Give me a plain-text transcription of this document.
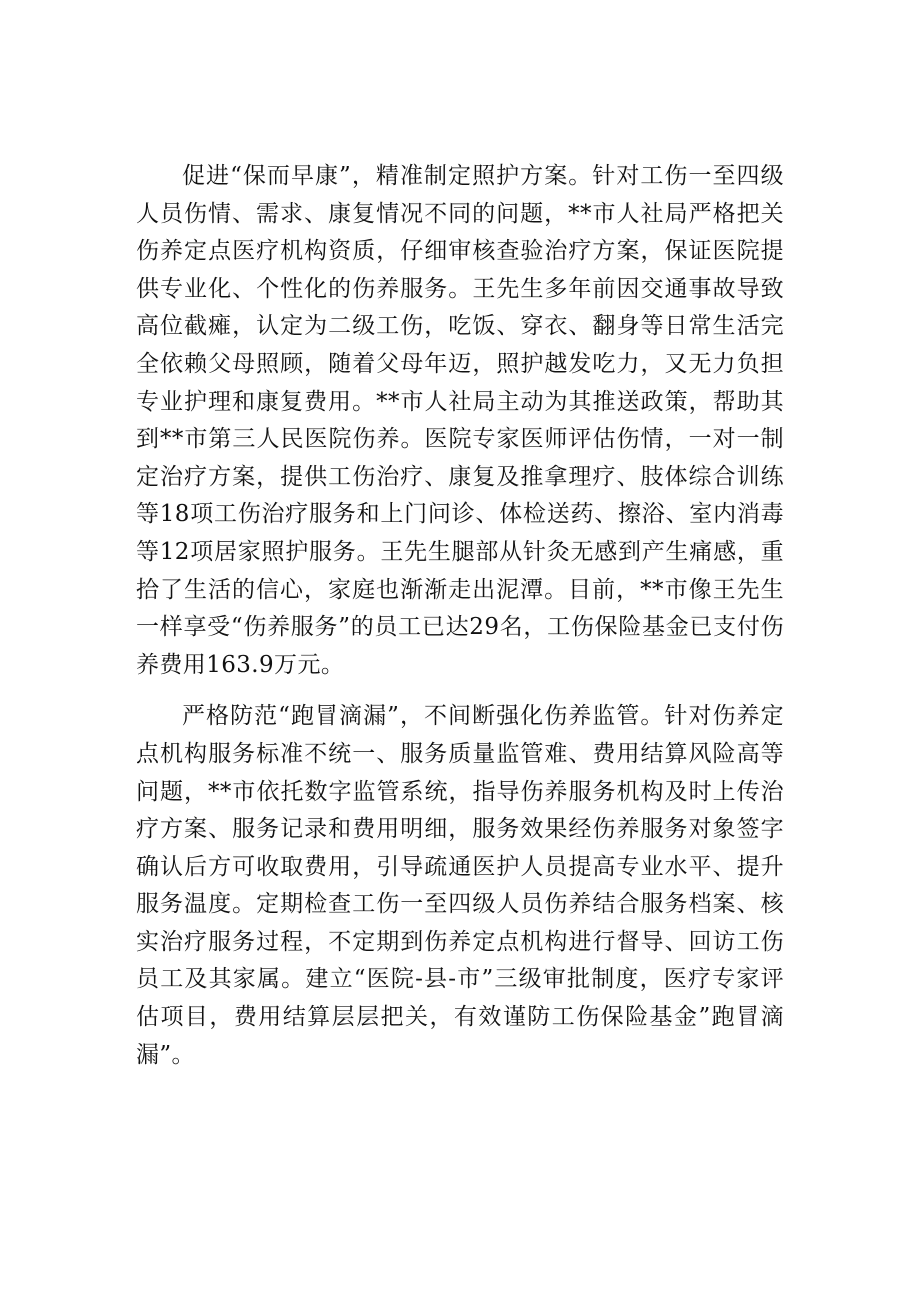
促进“保而早康”，精准制定照护方案。针对工伤一至四级人员伤情、需求、康复情况不同的问题，**市人社局严格把关伤养定点医疗机构资质，仔细审核查验治疗方案，保证医院提供专业化、个性化的伤养服务。王先生多年前因交通事故导致高位截瘫，认定为二级工伤，吃饭、穿衣、翻身等日常生活完全依赖父母照顾，随着父母年迈，照护越发吃力，又无力负担专业护理和康复费用。**市人社局主动为其推送政策，帮助其到**市第三人民医院伤养。医院专家医师评估伤情，一对一制定治疗方案，提供工伤治疗、康复及推拿理疗、肢体综合训练等18项工伤治疗服务和上门问诊、体检送药、擦浴、室内消毒等12项居家照护服务。王先生腿部从针灸无感到产生痛感，重拾了生活的信心，家庭也渐渐走出泥潭。目前，**市像王先生一样享受“伤养服务”的员工已达29名，工伤保险基金已支付伤养费用163.9万元。

严格防范“跑冒滴漏”，不间断强化伤养监管。针对伤养定点机构服务标准不统一、服务质量监管难、费用结算风险高等问题，**市依托数字监管系统，指导伤养服务机构及时上传治疗方案、服务记录和费用明细，服务效果经伤养服务对象签字确认后方可收取费用，引导疏通医护人员提高专业水平、提升服务温度。定期检查工伤一至四级人员伤养结合服务档案、核实治疗服务过程，不定期到伤养定点机构进行督导、回访工伤员工及其家属。建立“医院-县-市”三级审批制度，医疗专家评估项目，费用结算层层把关，有效谨防工伤保险基金”跑冒滴漏”。
